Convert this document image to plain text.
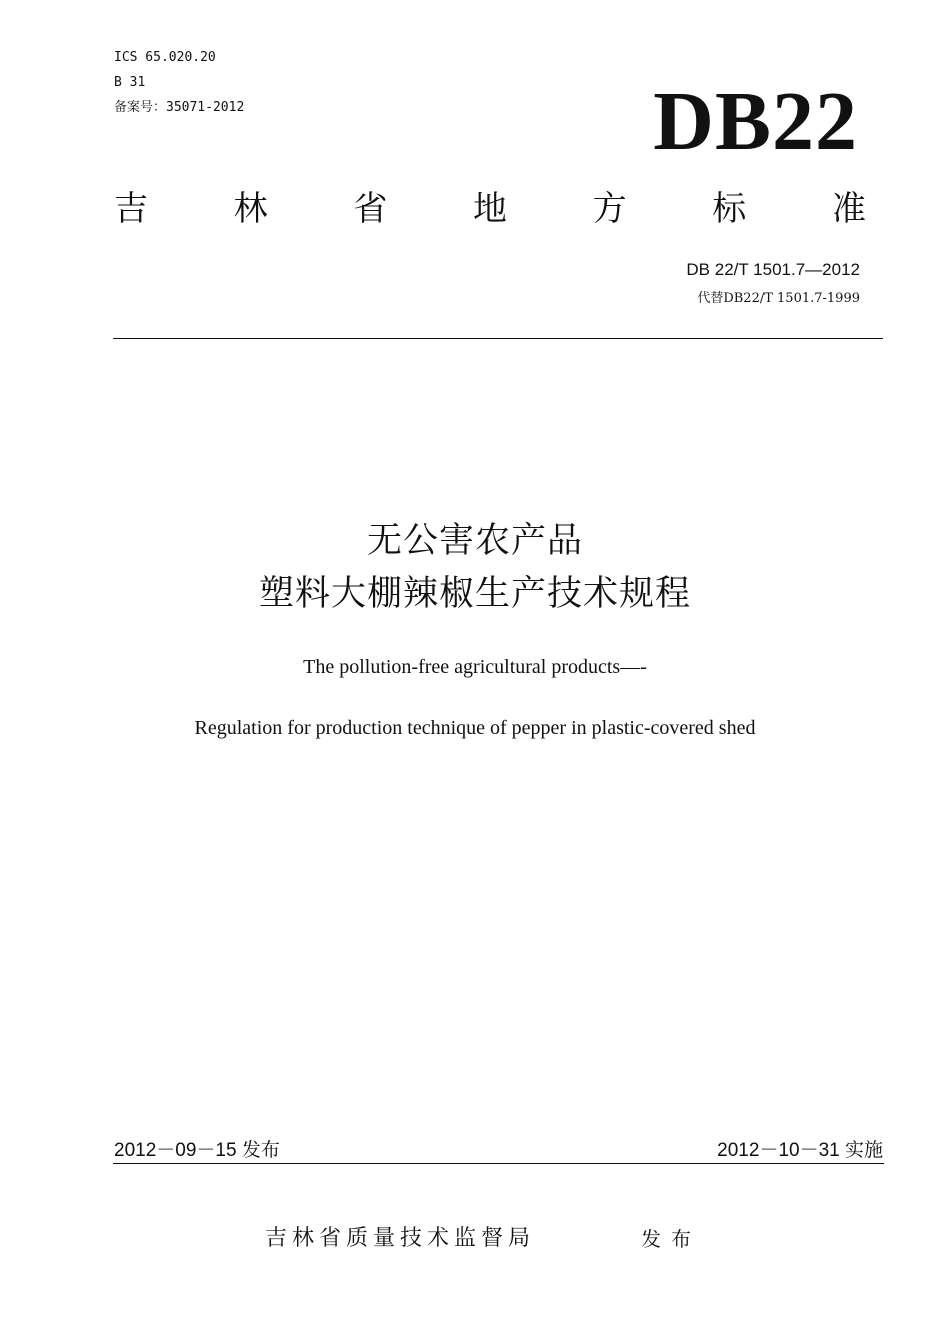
ICS 65.020.20
B 31
备案号：35071-2012	DB22
吉	林	省	地	方	标	准
DB 22/T 1501.7—2012
代替DB22/T 1501.7-1999
无公害农产品
塑料大棚辣椒生产技术规程
The pollution-free agricultural products—-
Regulation for production technique of pepper in plastic-covered shed
2012－09－15 发布	2012－10－31 实施
吉林省质量技术监督局	发布
